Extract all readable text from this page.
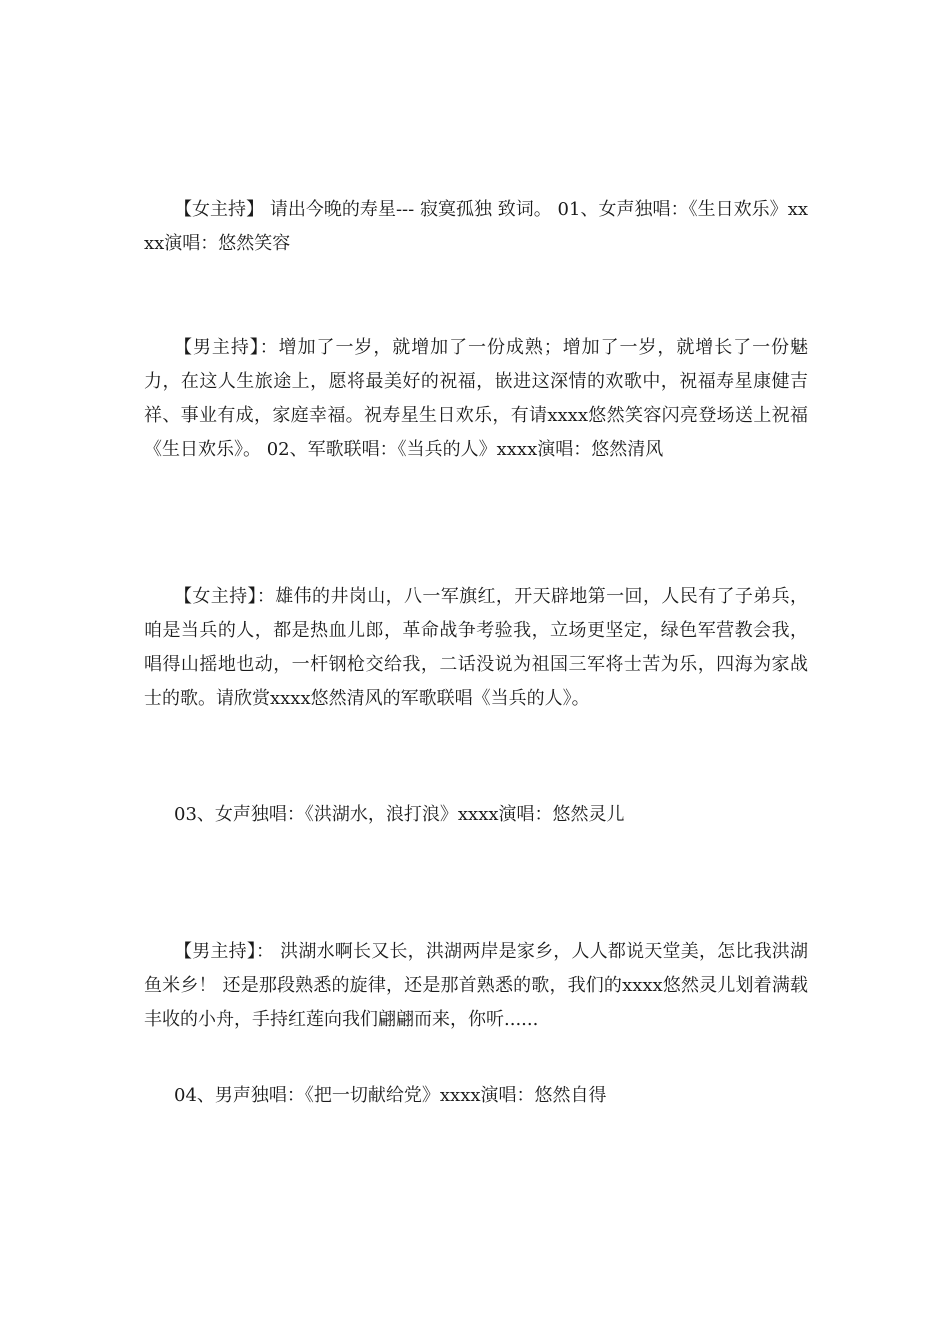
【女主持】 请出今晚的寿星--- 寂寞孤独 致词。 01、女声独唱：《生日欢乐》xxxx演唱：悠然笑容

【男主持】：增加了一岁，就增加了一份成熟；增加了一岁，就增长了一份魅力，在这人生旅途上，愿将最美好的祝福，嵌进这深情的欢歌中，祝福寿星康健吉祥、事业有成，家庭幸福。祝寿星生日欢乐，有请xxxx悠然笑容闪亮登场送上祝福《生日欢乐》。 02、军歌联唱：《当兵的人》xxxx演唱：悠然清风

【女主持】：雄伟的井岗山，八一军旗红，开天辟地第一回，人民有了子弟兵，咱是当兵的人，都是热血儿郎，革命战争考验我，立场更坚定，绿色军营教会我，唱得山摇地也动，一杆钢枪交给我，二话没说为祖国三军将士苦为乐，四海为家战士的歌。请欣赏xxxx悠然清风的军歌联唱《当兵的人》。

03、女声独唱：《洪湖水，浪打浪》xxxx演唱：悠然灵儿

【男主持】： 洪湖水啊长又长，洪湖两岸是家乡，人人都说天堂美，怎比我洪湖鱼米乡！ 还是那段熟悉的旋律，还是那首熟悉的歌，我们的xxxx悠然灵儿划着满载丰收的小舟，手持红莲向我们翩翩而来，你听......

04、男声独唱：《把一切献给党》xxxx演唱：悠然自得
